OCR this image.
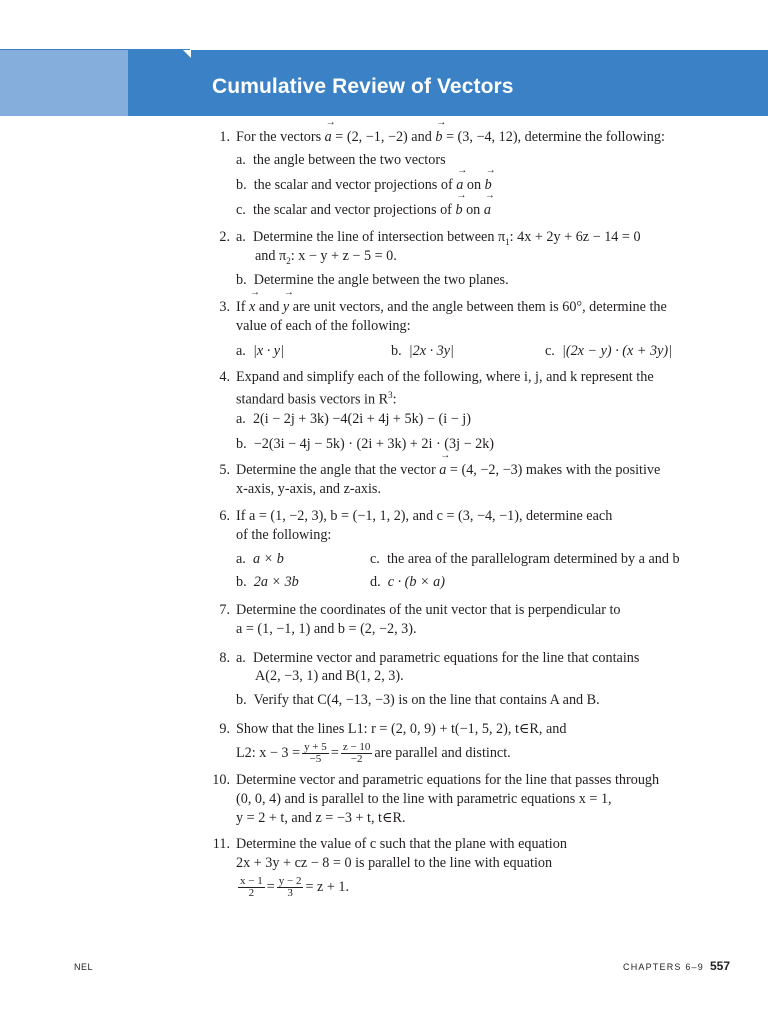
Cumulative Review of Vectors
1. For the vectors → a = (2, −1, −2) and → b = (3, −4, 12), determine the following:
a. the angle between the two vectors
b. the scalar and vector projections of → a on → b
c. the scalar and vector projections of → b on → a
2. a. Determine the line of intersection between $\pi_1$: 4x + 2y + 6z − 14 = 0
and $\pi_2$: x − y + z − 5 = 0.
b. Determine the angle between the two planes.
3. If → x and → y are unit vectors, and the angle between them is 60°, determine the
value of each of the following:
a. |x · y|	b. |2x · 3y|	c. |(2x − y) · (x + 3y)|
4. Expand and simplify each of the following, where i, j, and k represent the
standard basis vectors in $R^3$:
a. 2(i − 2j + 3k) −4(2i + 4j + 5k) − (i − j)
b. −2(3i − 4j − 5k) · (2i + 3k) + 2i · (3j − 2k)
5. Determine the angle that the vector → a = (4, −2, −3) makes with the positive
x-axis, y-axis, and z-axis.
6. If a = (1, −2, 3), b = (−1, 1, 2), and c = (3, −4, −1), determine each
of the following:
a. a × b	c. the area of the parallelogram determined by a and b
b. 2a × 3b	d. c · (b × a)
7. Determine the coordinates of the unit vector that is perpendicular to
a = (1, −1, 1) and b = (2, −2, 3).
8. a. Determine vector and parametric equations for the line that contains
A(2, −3, 1) and B(1, 2, 3).
b. Verify that C(4, −13, −3) is on the line that contains A and B.
9. Show that the lines L1: r = (2, 0, 9) + t(−1, 5, 2), t∈R, and
L2: $x - 3 = \frac{y + 5}{-5} = \frac{z - 10}{-2}$ are parallel and distinct.
10. Determine vector and parametric equations for the line that passes through
(0, 0, 4) and is parallel to the line with parametric equations x = 1,
y = 2 + t, and z = −3 + t, t∈R.
11. Determine the value of c such that the plane with equation
2x + 3y + cz − 8 = 0 is parallel to the line with equation
$\frac{x - 1}{2} = \frac{y - 2}{3} = z + 1$.
NEL	CHAPTERS 6–9 557
